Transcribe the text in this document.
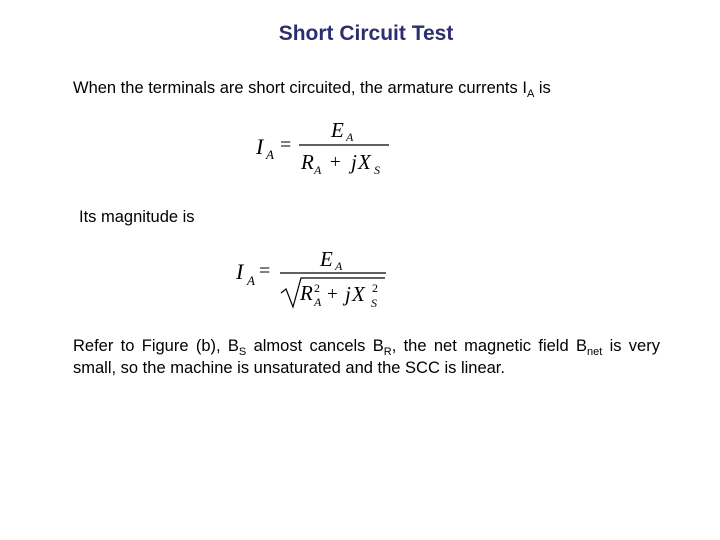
Short Circuit Test
When the terminals are short circuited, the armature currents $I_A$ is
I A =
E A
R A + j X S
Its magnitude is
I A = E A
R 2
A + j X 2
S
Refer to Figure (b), $B_S$ almost cancels $B_R$, the net magnetic field $B_{net}$ is very small, so the machine is unsaturated and the SCC is linear.
